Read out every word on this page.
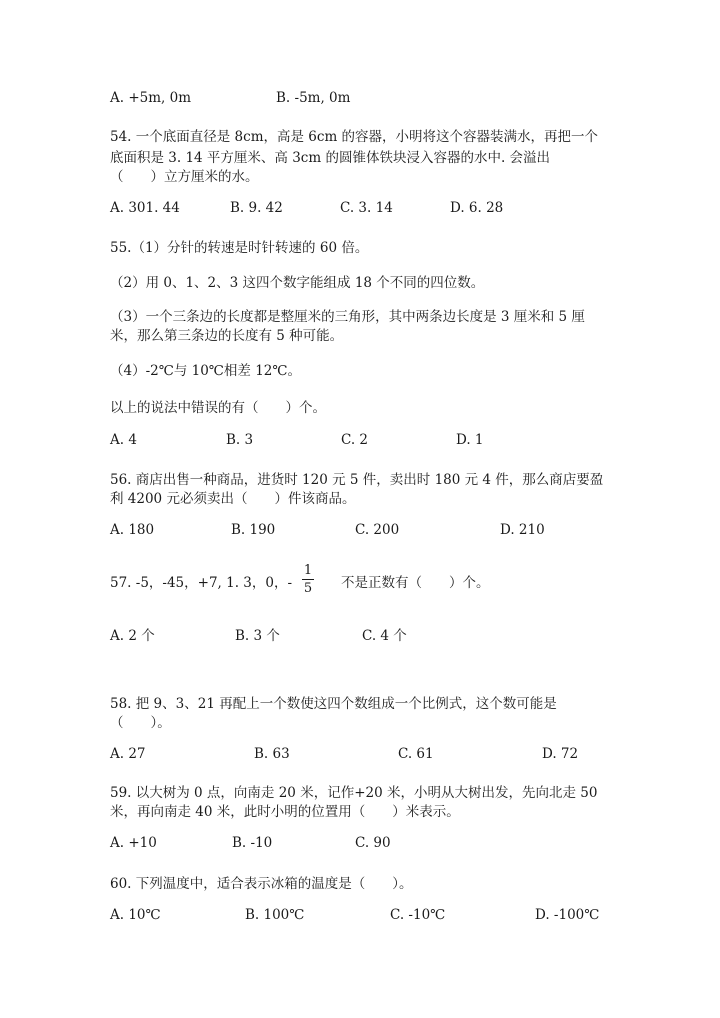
A. +5m, 0m	B. -5m, 0m
54. 一个底面直径是 8cm，高是 6cm 的容器，小明将这个容器装满水，再把一个
底面积是 3. 14 平方厘米、高 3cm 的圆锥体铁块浸入容器的水中. 会溢出
（　　）立方厘米的水。
A. 301. 44	B. 9. 42	C. 3. 14	D. 6. 28
55.（1）分针的转速是时针转速的 60 倍。
（2）用 0、1、2、3 这四个数字能组成 18 个不同的四位数。
（3）一个三条边的长度都是整厘米的三角形，其中两条边长度是 3 厘米和 5 厘
米，那么第三条边的长度有 5 种可能。
（4）-2℃与 10℃相差 12℃。
以上的说法中错误的有（　　）个。
A. 4	B. 3	C. 2	D. 1
56. 商店出售一种商品，进货时 120 元 5 件，卖出时 180 元 4 件，那么商店要盈
利 4200 元必须卖出（　　）件该商品。
A. 180	B. 190	C. 200	D. 210
57. -5，-45，+7, 1. 3，0，-
1
5 不是正数有（　　）个。
A. 2 个	B. 3 个	C. 4 个
58. 把 9、3、21 再配上一个数使这四个数组成一个比例式，这个数可能是
（　　）。
A. 27	B. 63	C. 61	D. 72
59. 以大树为 0 点，向南走 20 米，记作+20 米，小明从大树出发，先向北走 50
米，再向南走 40 米，此时小明的位置用（　　）米表示。
A. +10	B. -10	C. 90
60. 下列温度中，适合表示冰箱的温度是（　　）。
A. 10℃	B. 100℃	C. -10℃	D. -100℃
